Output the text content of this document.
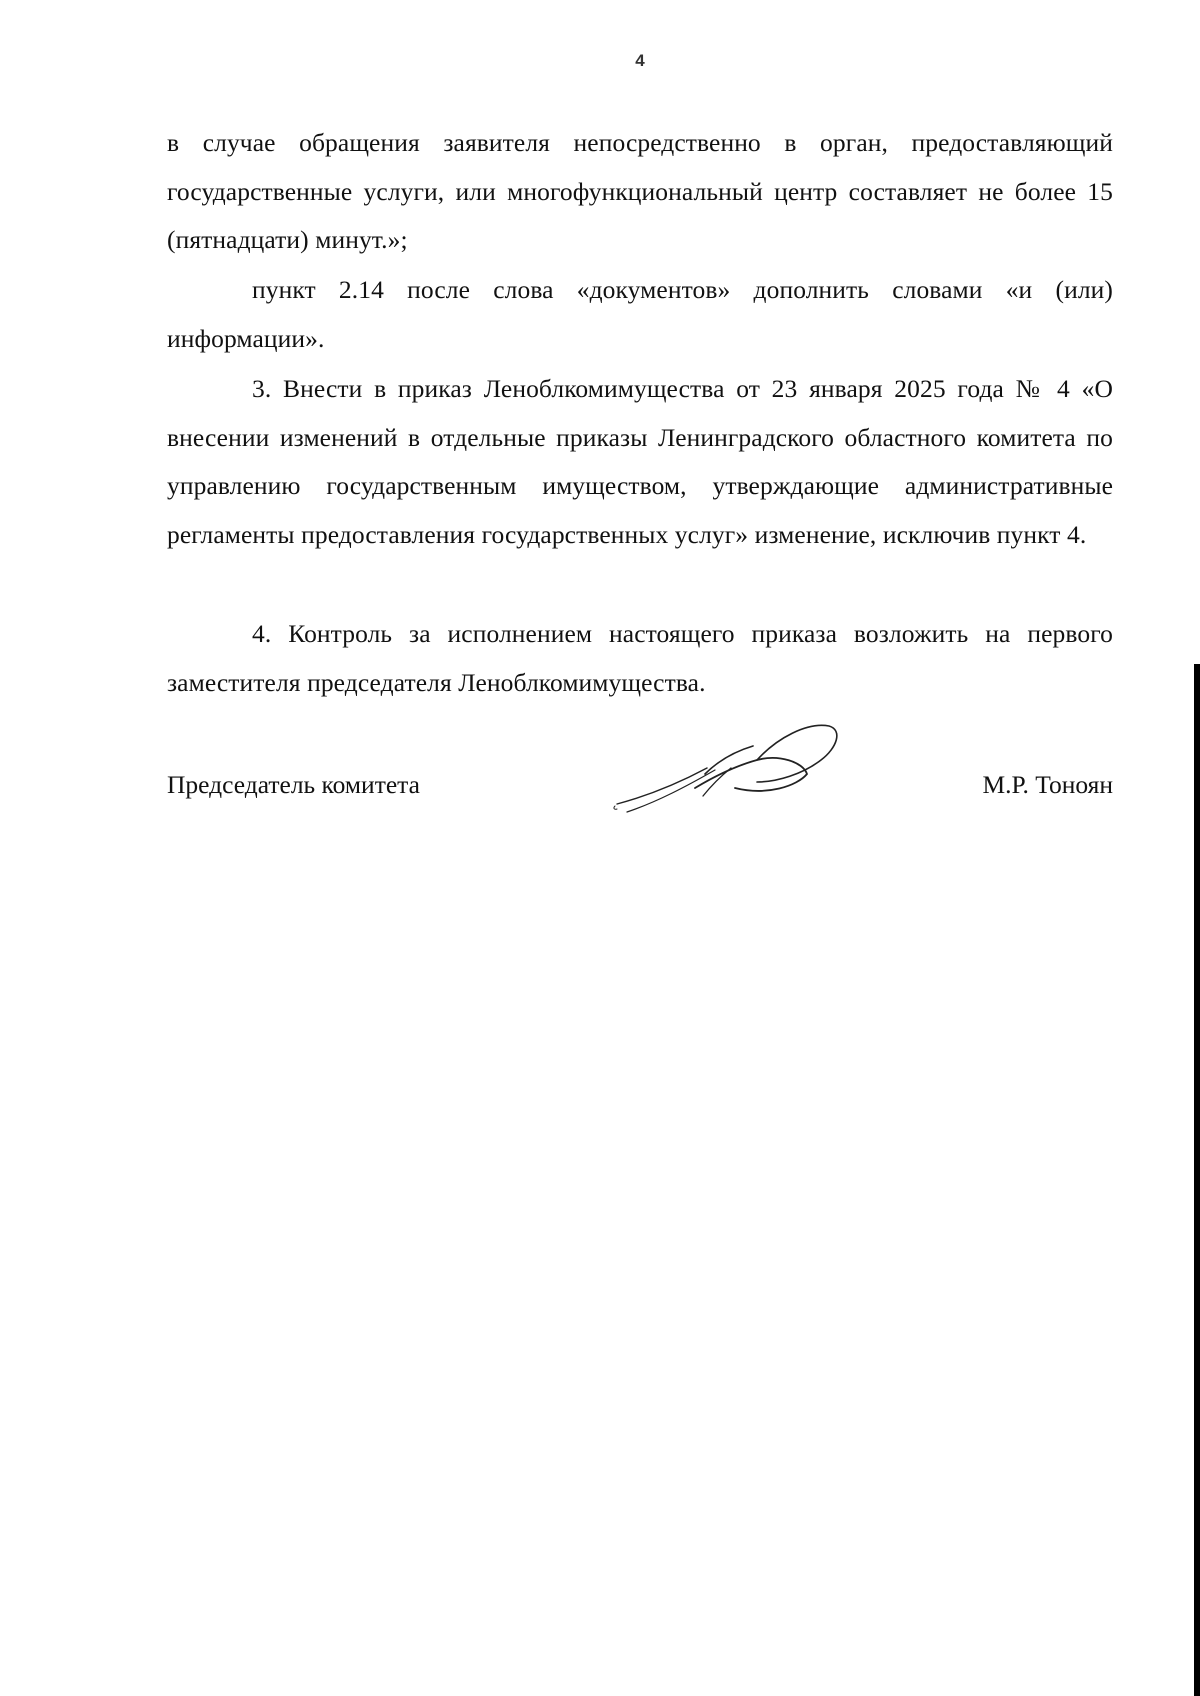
4

в случае обращения заявителя непосредственно в орган, предоставляющий государственные услуги, или многофункциональный центр составляет не более 15 (пятнадцати) минут.»;

пункт 2.14 после слова «документов» дополнить словами «и (или) информации».

3. Внести в приказ Леноблкомимущества от 23 января 2025 года № 4 «О внесении изменений в отдельные приказы Ленинградского областного комитета по управлению государственным имуществом, утверждающие административные регламенты предоставления государственных услуг» изменение, исключив пункт 4.

4. Контроль за исполнением настоящего приказа возложить на первого заместителя председателя Леноблкомимущества.

Председатель комитета	М.Р. Тоноян
